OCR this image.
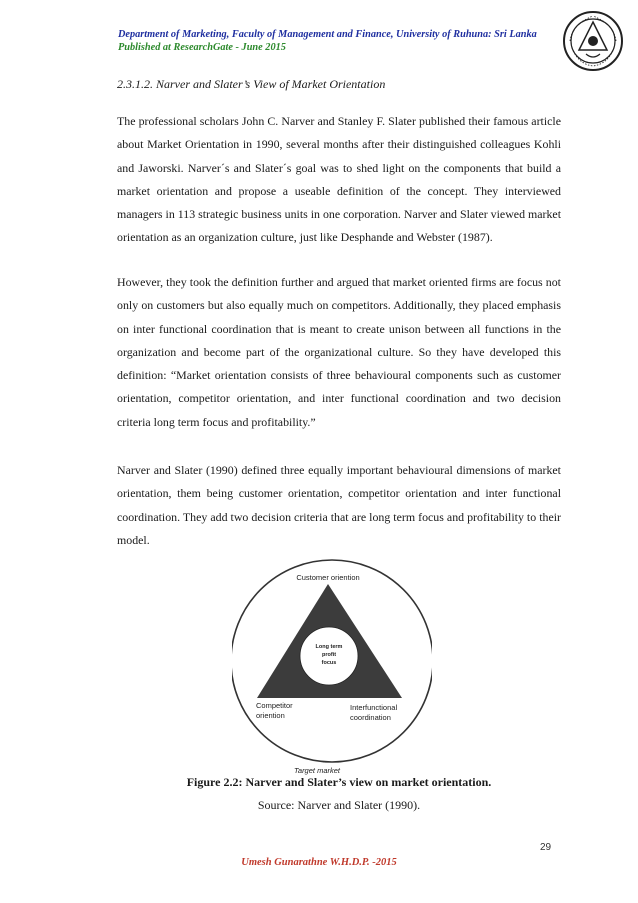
Department of Marketing, Faculty of Management and Finance, University of Ruhuna: Sri Lanka
Published at ResearchGate - June 2015
2.3.1.2. Narver and Slater’s View of Market Orientation

The professional scholars John C. Narver and Stanley F. Slater published their famous article about Market Orientation in 1990, several months after their distinguished colleagues Kohli and Jaworski. Narver´s and Slater´s goal was to shed light on the components that build a market orientation and propose a useable definition of the concept. They interviewed managers in 113 strategic business units in one corporation. Narver and Slater viewed market orientation as an organization culture, just like Desphande and Webster (1987).

However, they took the definition further and argued that market oriented firms are focus not only on customers but also equally much on competitors. Additionally, they placed emphasis on inter functional coordination that is meant to create unison between all functions in the organization and become part of the organizational culture. So they have developed this definition: “Market orientation consists of three behavioural components such as customer orientation, competitor orientation, and inter functional coordination and two decision criteria long term focus and profitability.”

Narver and Slater (1990) defined three equally important behavioural dimensions of market orientation, them being customer orientation, competitor orientation and inter functional coordination. They add two decision criteria that are long term focus and profitability to their model.

Customer oriention
Long term
profit
focus
Competitor
oriention
Interfunctional
coordination
Target market
Figure 2.2: Narver and Slater’s view on market orientation.
Source: Narver and Slater (1990).
29
Umesh Gunarathne W.H.D.P. -2015
